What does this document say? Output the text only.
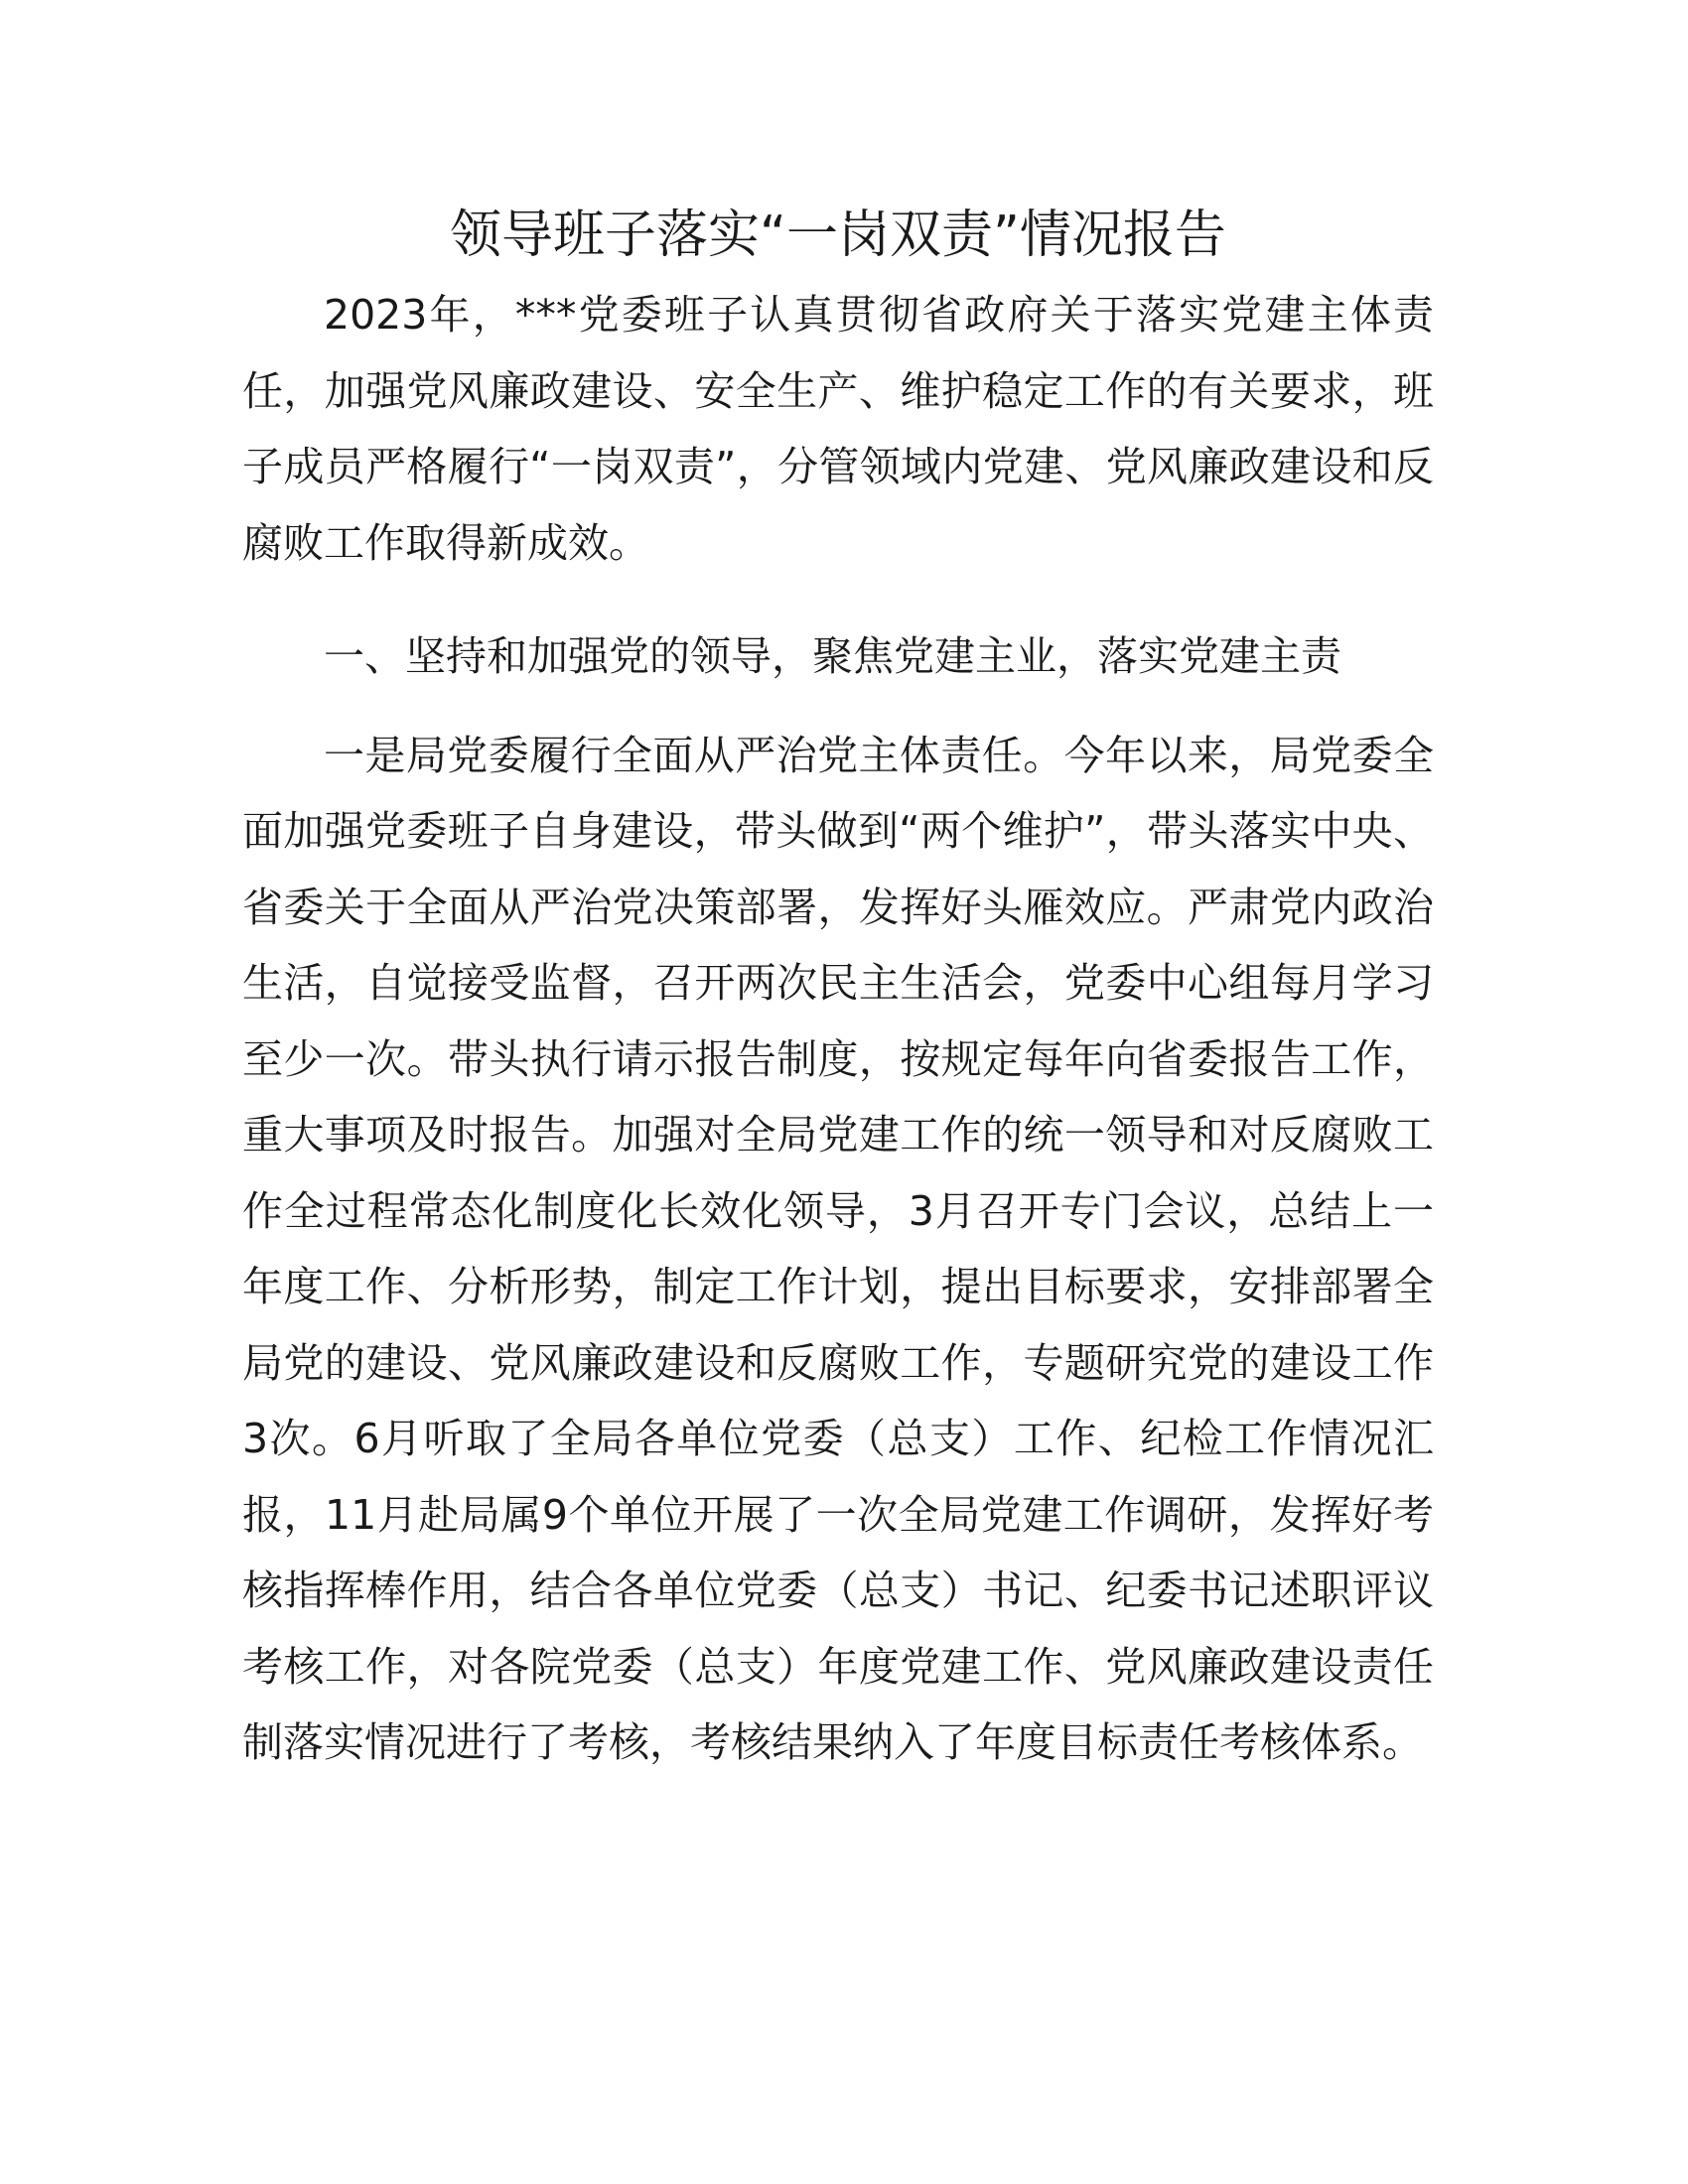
领导班子落实“一岗双责”情况报告

2023年，***党委班子认真贯彻省政府关于落实党建主体责任，加强党风廉政建设、安全生产、维护稳定工作的有关要求，班子成员严格履行“一岗双责”，分管领域内党建、党风廉政建设和反腐败工作取得新成效。

一、坚持和加强党的领导，聚焦党建主业，落实党建主责

一是局党委履行全面从严治党主体责任。今年以来，局党委全面加强党委班子自身建设，带头做到“两个维护”，带头落实中央、省委关于全面从严治党决策部署，发挥好头雁效应。严肃党内政治生活，自觉接受监督，召开两次民主生活会，党委中心组每月学习至少一次。带头执行请示报告制度，按规定每年向省委报告工作，重大事项及时报告。加强对全局党建工作的统一领导和对反腐败工作全过程常态化制度化长效化领导，3月召开专门会议，总结上一年度工作、分析形势，制定工作计划，提出目标要求，安排部署全局党的建设、党风廉政建设和反腐败工作，专题研究党的建设工作3次。6月听取了全局各单位党委（总支）工作、纪检工作情况汇报，11月赴局属9个单位开展了一次全局党建工作调研，发挥好考核指挥棒作用，结合各单位党委（总支）书记、纪委书记述职评议考核工作，对各院党委（总支）年度党建工作、党风廉政建设责任制落实情况进行了考核，考核结果纳入了年度目标责任考核体系。
